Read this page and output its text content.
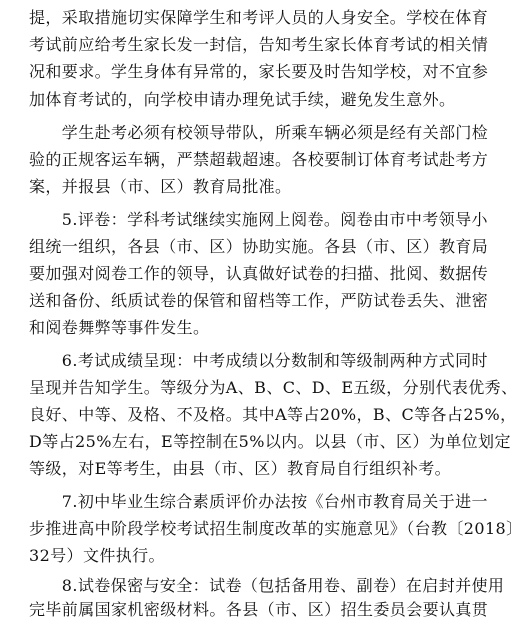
提，采取措施切实保障学生和考评人员的人身安全。学校在体育
考试前应给考生家长发一封信，告知考生家长体育考试的相关情
况和要求。学生身体有异常的，家长要及时告知学校，对不宜参
加体育考试的，向学校申请办理免试手续，避免发生意外。
　　学生赴考必须有校领导带队，所乘车辆必须是经有关部门检
验的正规客运车辆，严禁超载超速。各校要制订体育考试赴考方
案，并报县（市、区）教育局批准。
　　5.评卷：学科考试继续实施网上阅卷。阅卷由市中考领导小
组统一组织，各县（市、区）协助实施。各县（市、区）教育局
要加强对阅卷工作的领导，认真做好试卷的扫描、批阅、数据传
送和备份、纸质试卷的保管和留档等工作，严防试卷丢失、泄密
和阅卷舞弊等事件发生。
　　6.考试成绩呈现：中考成绩以分数制和等级制两种方式同时
呈现并告知学生。等级分为A、B、C、D、E五级，分别代表优秀、
良好、中等、及格、不及格。其中A等占20%，B、C等各占25%，
D等占25%左右，E等控制在5%以内。以县（市、区）为单位划定
等级，对E等考生，由县（市、区）教育局自行组织补考。
　　7.初中毕业生综合素质评价办法按《台州市教育局关于进一
步推进高中阶段学校考试招生制度改革的实施意见》（台教〔2018〕
32号）文件执行。
　　8.试卷保密与安全：试卷（包括备用卷、副卷）在启封并使用
完毕前属国家机密级材料。各县（市、区）招生委员会要认真贯
